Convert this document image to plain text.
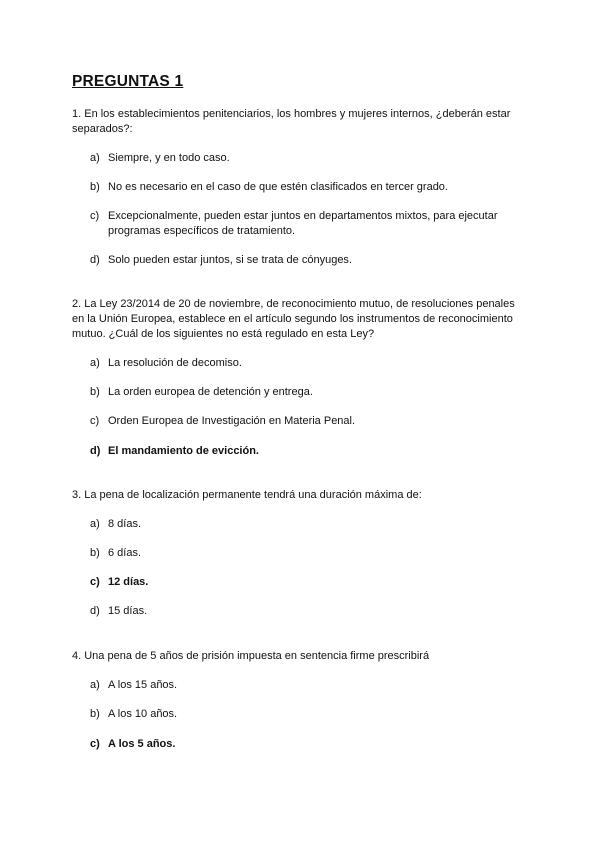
PREGUNTAS 1
1. En los establecimientos penitenciarios, los hombres y mujeres internos, ¿deberán estar separados?:
a) Siempre, y en todo caso.
b) No es necesario en el caso de que estén clasificados en tercer grado.
c) Excepcionalmente, pueden estar juntos en departamentos mixtos, para ejecutar programas específicos de tratamiento.
d) Solo pueden estar juntos, si se trata de cónyuges.
2. La Ley 23/2014 de 20 de noviembre, de reconocimiento mutuo, de resoluciones penales en la Unión Europea, establece en el artículo segundo los instrumentos de reconocimiento mutuo. ¿Cuál de los siguientes no está regulado en esta Ley?
a) La resolución de decomiso.
b) La orden europea de detención y entrega.
c) Orden Europea de Investigación en Materia Penal.
d) El mandamiento de evicción.
3. La pena de localización permanente tendrá una duración máxima de:
a) 8 días.
b) 6 días.
c) 12 días.
d) 15 días.
4. Una pena de 5 años de prisión impuesta en sentencia firme prescribirá
a) A los 15 años.
b) A los 10 años.
c) A los 5 años.
